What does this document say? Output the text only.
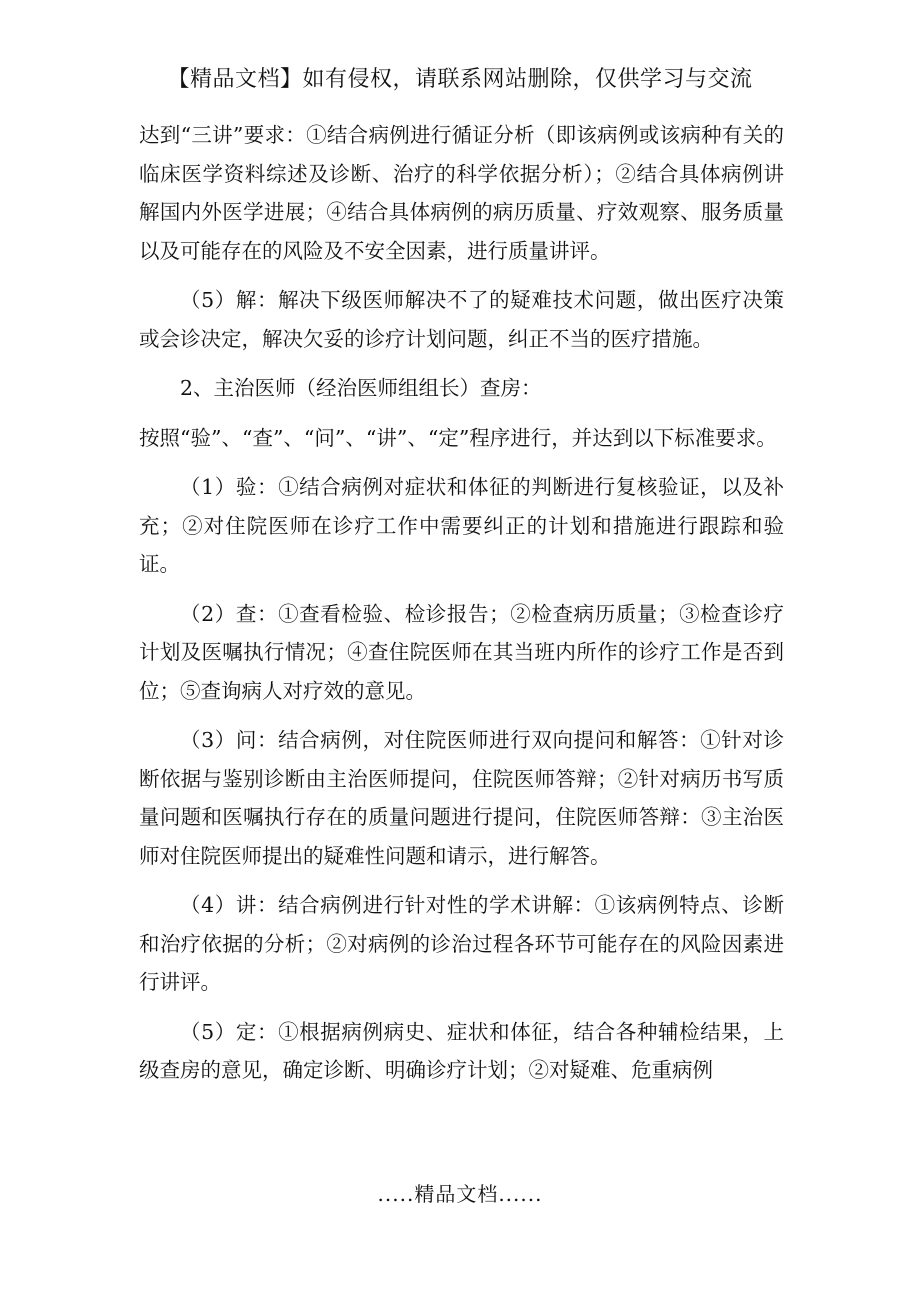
【精品文档】如有侵权，请联系网站删除，仅供学习与交流

达到“三讲”要求：①结合病例进行循证分析（即该病例或该病种有关的临床医学资料综述及诊断、治疗的科学依据分析）；②结合具体病例讲解国内外医学进展；④结合具体病例的病历质量、疗效观察、服务质量以及可能存在的风险及不安全因素，进行质量讲评。

（5）解：解决下级医师解决不了的疑难技术问题，做出医疗决策或会诊决定，解决欠妥的诊疗计划问题，纠正不当的医疗措施。

2、主治医师（经治医师组组长）查房：

按照“验”、“查”、“问”、“讲”、“定”程序进行，并达到以下标准要求。

（1）验：①结合病例对症状和体征的判断进行复核验证，以及补充；②对住院医师在诊疗工作中需要纠正的计划和措施进行跟踪和验证。

（2）查：①查看检验、检诊报告；②检查病历质量；③检查诊疗计划及医嘱执行情况；④查住院医师在其当班内所作的诊疗工作是否到位；⑤查询病人对疗效的意见。

（3）问：结合病例，对住院医师进行双向提问和解答：①针对诊断依据与鉴别诊断由主治医师提问，住院医师答辩；②针对病历书写质量问题和医嘱执行存在的质量问题进行提问，住院医师答辩：③主治医师对住院医师提出的疑难性问题和请示，进行解答。

（4）讲：结合病例进行针对性的学术讲解：①该病例特点、诊断和治疗依据的分析；②对病例的诊治过程各环节可能存在的风险因素进行讲评。

（5）定：①根据病例病史、症状和体征，结合各种辅检结果，上级查房的意见，确定诊断、明确诊疗计划；②对疑难、危重病例

.....精品文档......
